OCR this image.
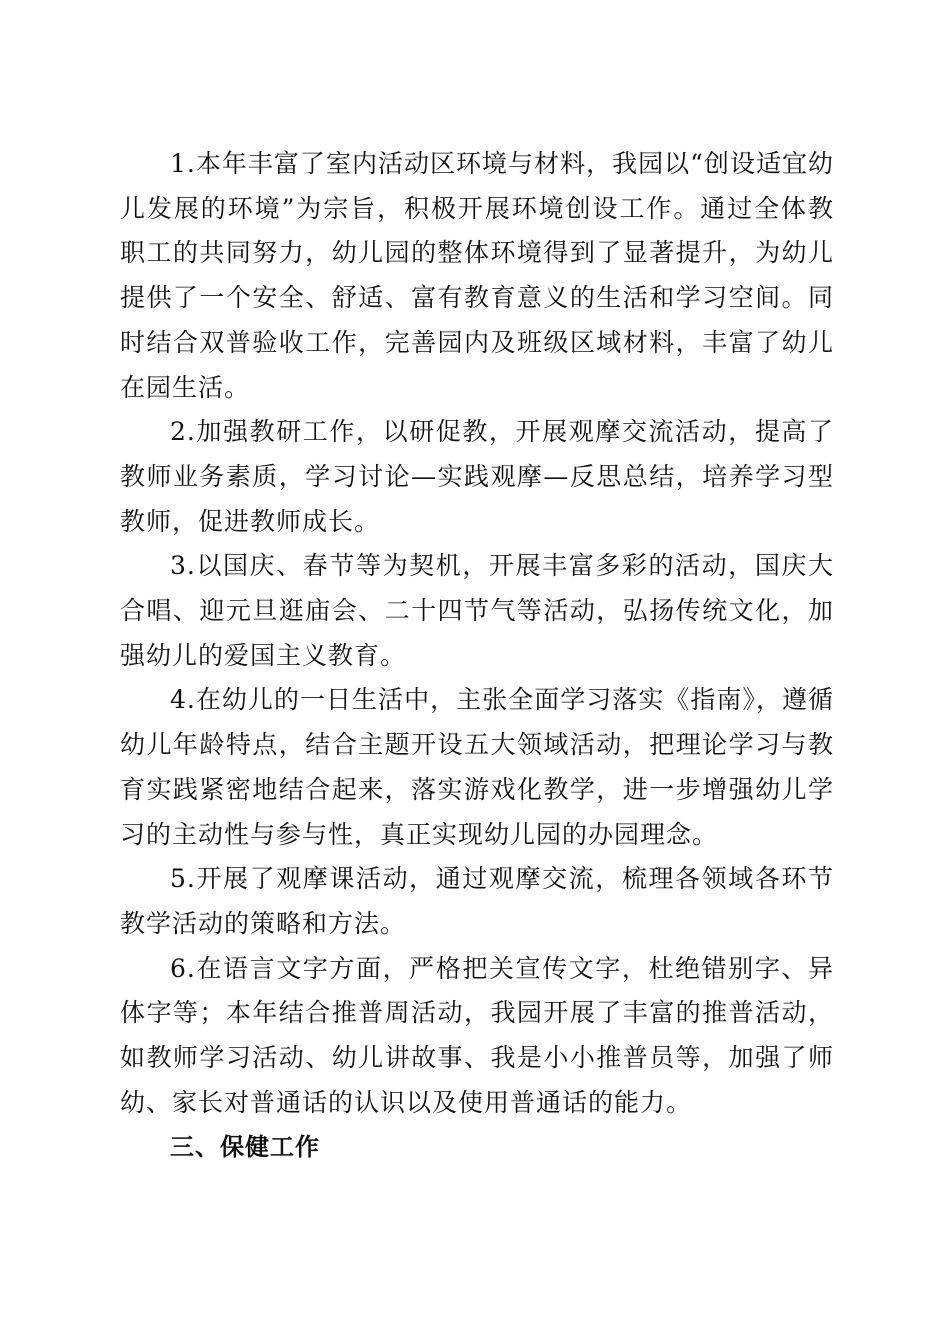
1.本年丰富了室内活动区环境与材料，我园以“创设适宜幼儿发展的环境”为宗旨，积极开展环境创设工作。通过全体教职工的共同努力，幼儿园的整体环境得到了显著提升，为幼儿提供了一个安全、舒适、富有教育意义的生活和学习空间。同时结合双普验收工作，完善园内及班级区域材料，丰富了幼儿在园生活。

2.加强教研工作，以研促教，开展观摩交流活动，提高了教师业务素质，学习讨论—实践观摩—反思总结，培养学习型教师，促进教师成长。

3.以国庆、春节等为契机，开展丰富多彩的活动，国庆大合唱、迎元旦逛庙会、二十四节气等活动，弘扬传统文化，加强幼儿的爱国主义教育。

4.在幼儿的一日生活中，主张全面学习落实《指南》，遵循幼儿年龄特点，结合主题开设五大领域活动，把理论学习与教育实践紧密地结合起来，落实游戏化教学，进一步增强幼儿学习的主动性与参与性，真正实现幼儿园的办园理念。

5.开展了观摩课活动，通过观摩交流，梳理各领域各环节教学活动的策略和方法。

6.在语言文字方面，严格把关宣传文字，杜绝错别字、异体字等；本年结合推普周活动，我园开展了丰富的推普活动，如教师学习活动、幼儿讲故事、我是小小推普员等，加强了师幼、家长对普通话的认识以及使用普通话的能力。

三、保健工作
